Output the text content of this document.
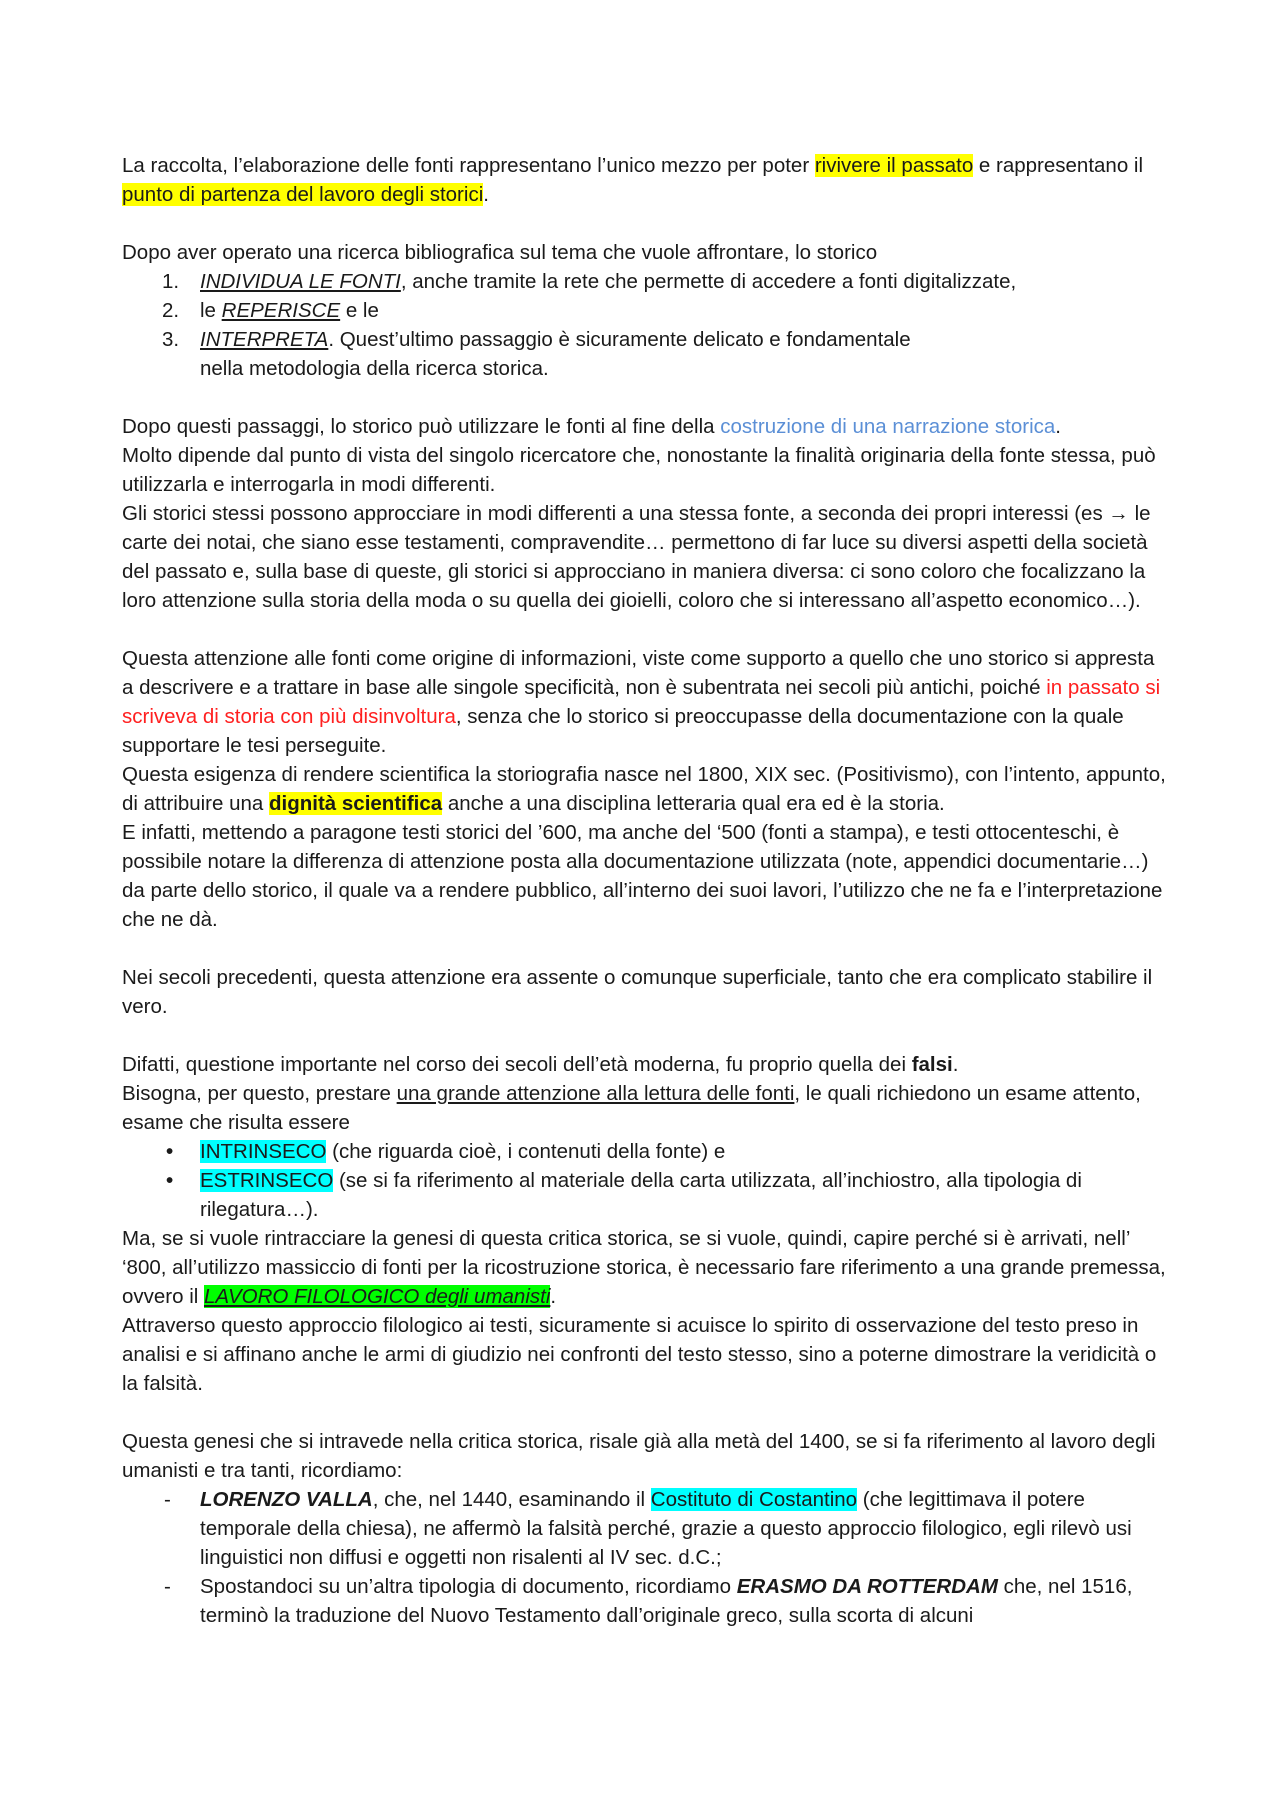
La raccolta, l’elaborazione delle fonti rappresentano l’unico mezzo per poter rivivere il passato e rappresentano il punto di partenza del lavoro degli storici.

Dopo aver operato una ricerca bibliografica sul tema che vuole affrontare, lo storico

1. INDIVIDUA LE FONTI, anche tramite la rete che permette di accedere a fonti digitalizzate,
2. le REPERISCE e le
3. INTERPRETA. Quest’ultimo passaggio è sicuramente delicato e fondamentale nella metodologia della ricerca storica.

Dopo questi passaggi, lo storico può utilizzare le fonti al fine della costruzione di una narrazione storica.

Molto dipende dal punto di vista del singolo ricercatore che, nonostante la finalità originaria della fonte stessa, può utilizzarla e interrogarla in modi differenti.

Gli storici stessi possono approcciare in modi differenti a una stessa fonte, a seconda dei propri interessi (es → le carte dei notai, che siano esse testamenti, compravendite… permettono di far luce su diversi aspetti della società del passato e, sulla base di queste, gli storici si approcciano in maniera diversa: ci sono coloro che focalizzano la loro attenzione sulla storia della moda o su quella dei gioielli, coloro che si interessano all’aspetto economico…).

Questa attenzione alle fonti come origine di informazioni, viste come supporto a quello che uno storico si appresta a descrivere e a trattare in base alle singole specificità, non è subentrata nei secoli più antichi, poiché in passato si scriveva di storia con più disinvoltura, senza che lo storico si preoccupasse della documentazione con la quale supportare le tesi perseguite.

Questa esigenza di rendere scientifica la storiografia nasce nel 1800, XIX sec. (Positivismo), con l’intento, appunto, di attribuire una dignità scientifica anche a una disciplina letteraria qual era ed è la storia.

E infatti, mettendo a paragone testi storici del ’600, ma anche del ‘500 (fonti a stampa), e testi ottocenteschi, è possibile notare la differenza di attenzione posta alla documentazione utilizzata (note, appendici documentarie…) da parte dello storico, il quale va a rendere pubblico, all’interno dei suoi lavori, l’utilizzo che ne fa e l’interpretazione che ne dà.

Nei secoli precedenti, questa attenzione era assente o comunque superficiale, tanto che era complicato stabilire il vero.

Difatti, questione importante nel corso dei secoli dell’età moderna, fu proprio quella dei falsi.

Bisogna, per questo, prestare una grande attenzione alla lettura delle fonti, le quali richiedono un esame attento, esame che risulta essere

• INTRINSECO (che riguarda cioè, i contenuti della fonte) e
• ESTRINSECO (se si fa riferimento al materiale della carta utilizzata, all’inchiostro, alla tipologia di rilegatura…).

Ma, se si vuole rintracciare la genesi di questa critica storica, se si vuole, quindi, capire perché si è arrivati, nell’ ‘800, all’utilizzo massiccio di fonti per la ricostruzione storica, è necessario fare riferimento a una grande premessa, ovvero il LAVORO FILOLOGICO degli umanisti.

Attraverso questo approccio filologico ai testi, sicuramente si acuisce lo spirito di osservazione del testo preso in analisi e si affinano anche le armi di giudizio nei confronti del testo stesso, sino a poterne dimostrare la veridicità o la falsità.

Questa genesi che si intravede nella critica storica, risale già alla metà del 1400, se si fa riferimento al lavoro degli umanisti e tra tanti, ricordiamo:

- LORENZO VALLA, che, nel 1440, esaminando il Costituto di Costantino (che legittimava il potere temporale della chiesa), ne affermò la falsità perché, grazie a questo approccio filologico, egli rilevò usi linguistici non diffusi e oggetti non risalenti al IV sec. d.C.;
- Spostandoci su un’altra tipologia di documento, ricordiamo ERASMO DA ROTTERDAM che, nel 1516, terminò la traduzione del Nuovo Testamento dall’originale greco, sulla scorta di alcuni
